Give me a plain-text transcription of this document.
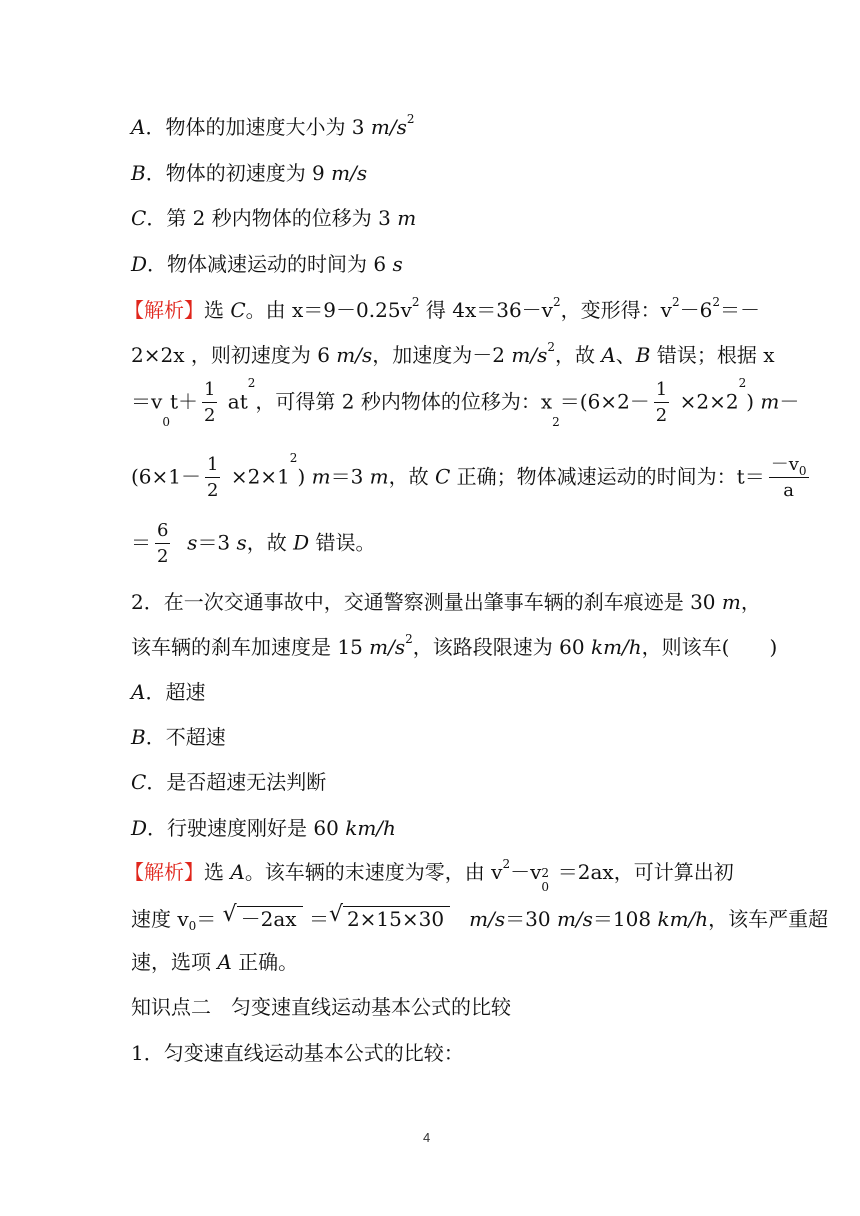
A．物体的加速度大小为 3 $m/s^2$
B．物体的初速度为 9 m/s
C．第 2 秒内物体的位移为 3 m
D．物体减速运动的时间为 6 s
【解析】选 C。由 $x=9-0.25v^2$ 得 $4x=36-v^2$，变形得：$v^2-6^2=-$
2×2x ，则初速度为 6 m/s，加速度为－2 $m/s^2$，故 A、B 错误；根据 x
$=v_0t+ \frac{1}{2} at^2$，可得第 2 秒内物体的位移为：$x_2=(6\times 2- \frac{1}{2} \times 2\times 2^2)$ m－
$(6\times 1- \frac{1}{2} \times 2\times 1^2)$ m＝3 m，故 C 正确；物体减速运动的时间为：$t= \frac{-v_0}{a}$
＝ $\frac{6}{2} s=3$ s，故 D 错误。
2．在一次交通事故中，交通警察测量出肇事车辆的刹车痕迹是 30 m，
该车辆的刹车加速度是 15 $m/s^2$，该路段限速为 60 km/h，则该车(　　)
A．超速
B．不超速
C．是否超速无法判断
D．行驶速度刚好是 60 km/h
【解析】选 A。该车辆的末速度为零，由 $v^2-v$ 2
0
＝2ax，可计算出初
速度 $v_0=$ √ －2ax ＝ √ 2×15×30 m/s＝30 m/s＝108 km/h，该车严重超
速，选项 A 正确。
知识点二　匀变速直线运动基本公式的比较
1．匀变速直线运动基本公式的比较：
4
